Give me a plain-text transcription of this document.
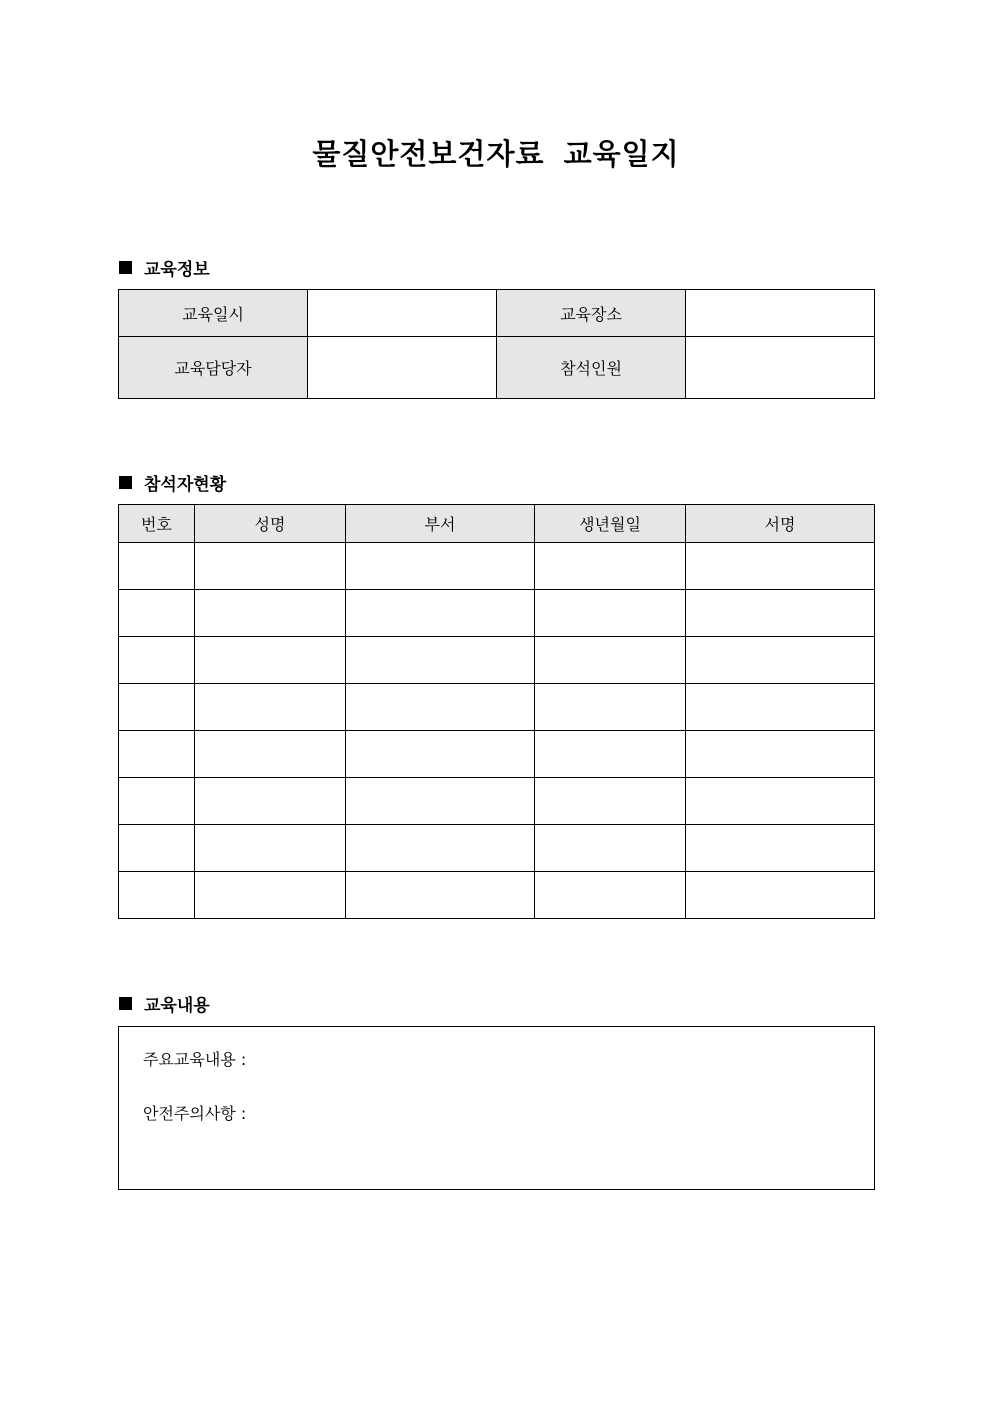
물질안전보건자료 교육일지
교육정보
교육일시		교육장소	
교육담당자		참석인원	
참석자현황
번호	성명	부서	생년월일	서명

교육내용
주요교육내용 :
안전주의사항 :
